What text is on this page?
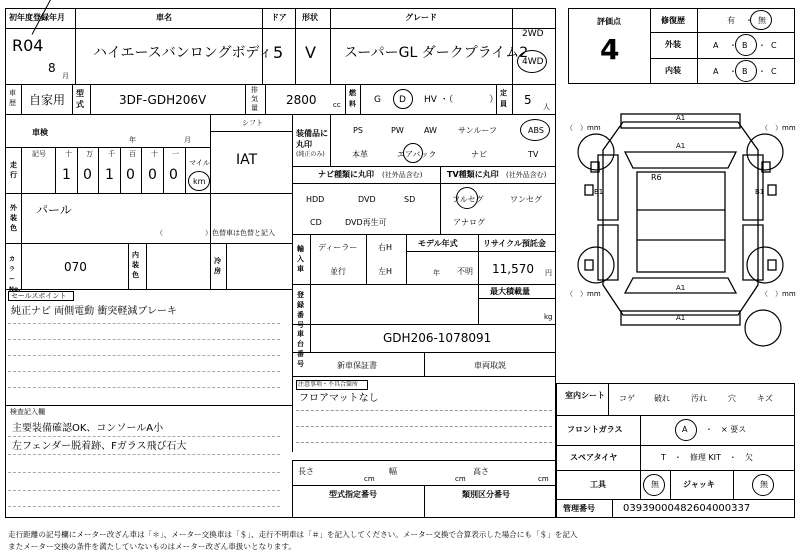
初年度登録年月	車名	ドア 形状	グレード
R04
8
月
ハイエースバンロングボディ 5 V スーパーGL ダークプライム2
2WD
4WD
車歴 自家用 型式	3DF-GDH206V
排気量
2800 cc
燃料 G D HV ・（　　　　）
定員 5 人
車検
年	月
シフト
IAT
走行
記号	十 万 千 百 十 一
1 0 1 0 0 0
マイル
km
外装色
パール
（　　　　　　）色替車は色替と記入
カラーNo.
070
内装色
冷房
セールスポイント
純正ナビ 両側電動 衝突軽減ブレーキ
検査記入欄
主要装備確認OK、コンソールA小
左フェンダー脱着跡、Fガラス飛び石大
装備品に丸印
(純正のみ)
PS	PW	AW	サンルーフ	ABS
本革	エアバック	ナビ	TV
ナビ種類に丸印 (社外品含む)	TV種類に丸印 (社外品含む)
HDD	DVD	SD
CD	DVD再生可
フルセグ	ワンセグ
アナログ
輸入車
ディーラー
並行
右H
左H
モデル年式
年 不明
リサイクル預託金
11,570 円
登録番号
最大積載量
kg
車台番号
GDH206-1078091
新車保証書	車両取説
注意事項・不具合箇所
フロアマットなし
長さ
cm
幅
cm
高さ
cm
型式指定番号	類別区分番号
評価点
4
修復歴	有 ・ 無
外装	A ・ B ・ C
内装	A ・ B ・ C
A1
A1
B1	B1
A1
A1
R6
（　）mm	（　）mm
（　）mm	（　）mm
室内シート コゲ 破れ	汚れ	穴	キズ
フロントガラス	A ・　× 要ス
スペアタイヤ	T　・　修理 KIT　・　欠
工具	無	ジャッキ	無
管理番号	03939000482604000337
走行距離の記号欄にメーター改ざん車は「＊」、メーター交換車は「＄」、走行不明車は「＃」を記入してください。メーター交換で合算表示した場合にも「＄」を記入
またメーター交換の条件を満たしていないものはメーター改ざん車扱いとなります。
